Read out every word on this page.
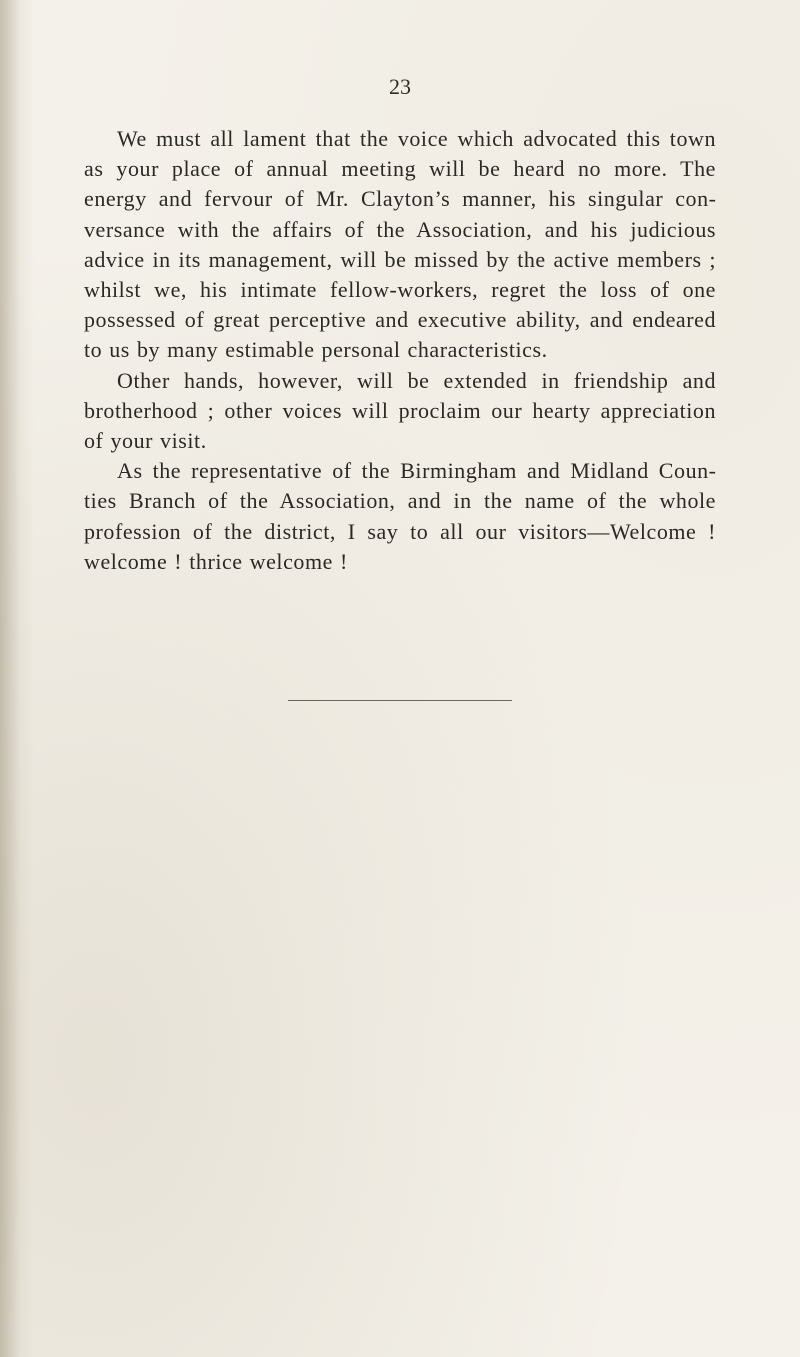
23

We must all lament that the voice which advocated this town as your place of annual meeting will be heard no more. The energy and fervour of Mr. Clayton’s manner, his singular conversance with the affairs of the Association, and his judicious advice in its management, will be missed by the active members ; whilst we, his intimate fellow-workers, regret the loss of one possessed of great perceptive and executive ability, and endeared to us by many estimable personal characteristics.

Other hands, however, will be extended in friendship and brotherhood ; other voices will proclaim our hearty appreciation of your visit.

As the representative of the Birmingham and Midland Counties Branch of the Association, and in the name of the whole profession of the district, I say to all our visitors—Welcome ! welcome ! thrice welcome !
